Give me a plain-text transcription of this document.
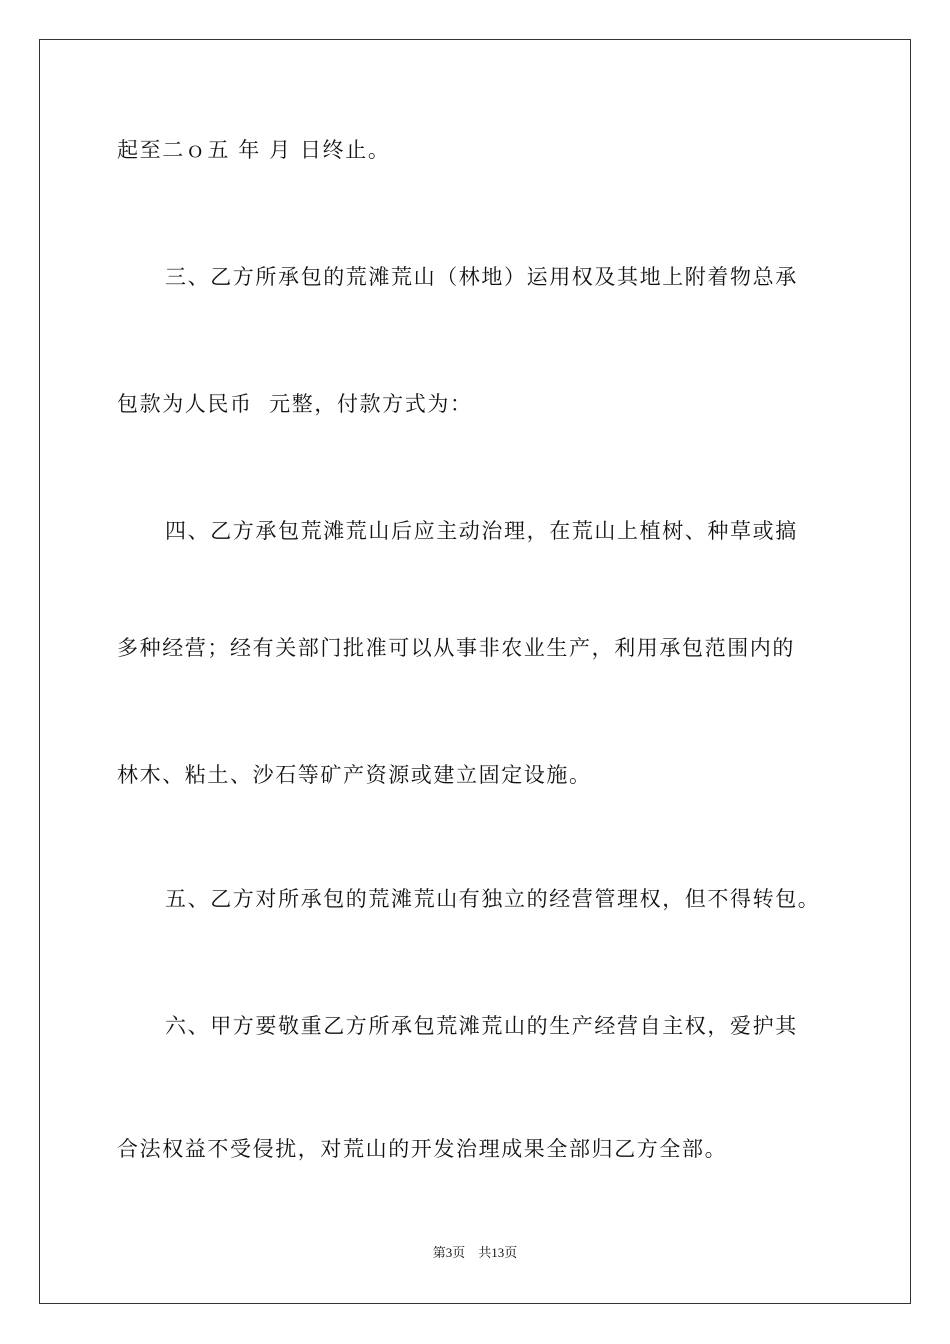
起至二ｏ五 年 月 日终止。
三、乙方所承包的荒滩荒山（林地）运用权及其地上附着物总承
包款为人民币  元整，付款方式为：
四、乙方承包荒滩荒山后应主动治理，在荒山上植树、种草或搞
多种经营；经有关部门批准可以从事非农业生产，利用承包范围内的
林木、粘土、沙石等矿产资源或建立固定设施。
五、乙方对所承包的荒滩荒山有独立的经营管理权，但不得转包。
六、甲方要敬重乙方所承包荒滩荒山的生产经营自主权，爱护其
合法权益不受侵扰，对荒山的开发治理成果全部归乙方全部。
第3页    共13页
